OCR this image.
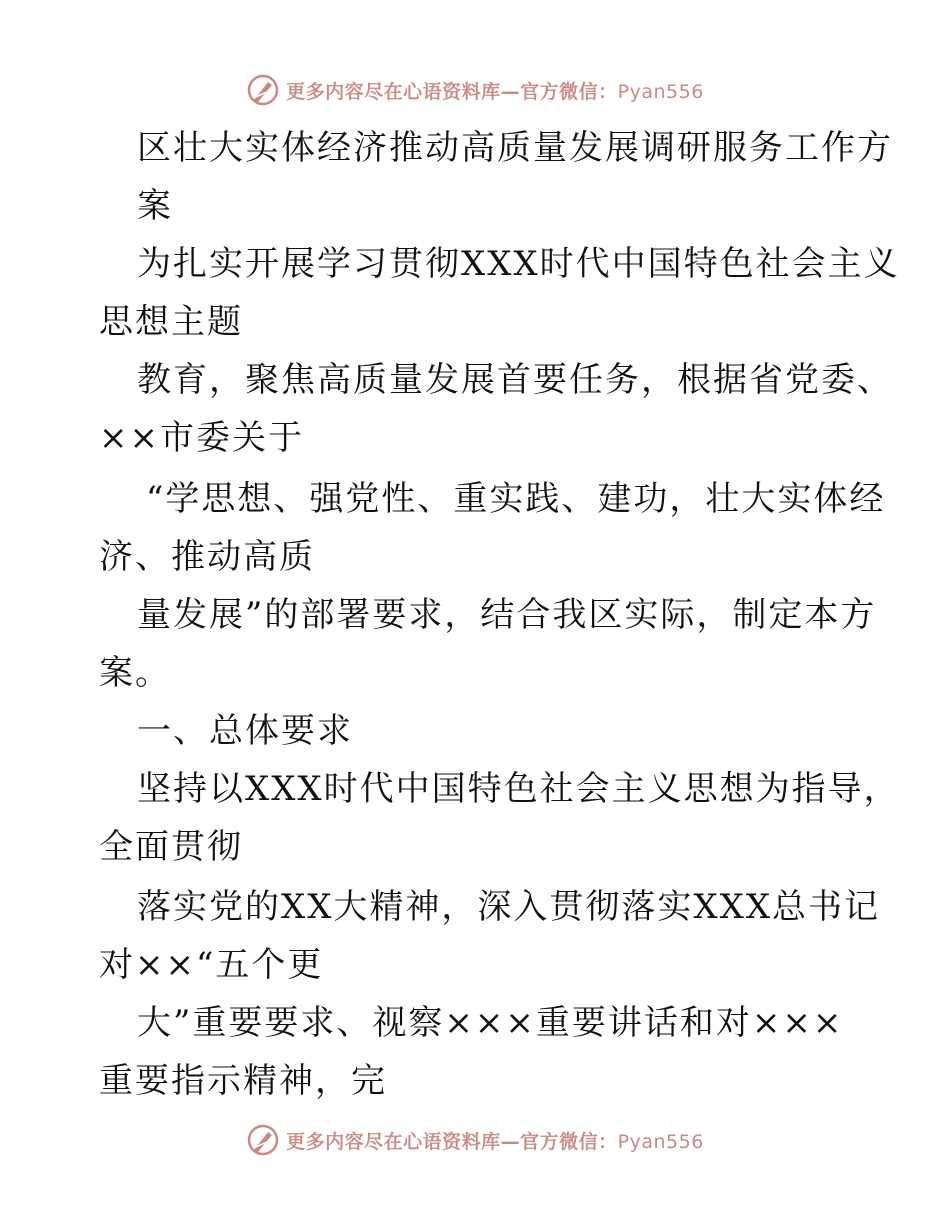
更多内容尽在心语资料库—官方微信：Pyan556
区壮大实体经济推动高质量发展调研服务工作方
案
为扎实开展学习贯彻XXX时代中国特色社会主义
思想主题
教育，聚焦高质量发展首要任务，根据省党委、
××市委关于
“学思想、强党性、重实践、建功，壮大实体经
济、推动高质
量发展”的部署要求，结合我区实际，制定本方
案。
一、总体要求
坚持以XXX时代中国特色社会主义思想为指导，
全面贯彻
落实党的XX大精神，深入贯彻落实XXX总书记
对××“五个更
大”重要要求、视察×××重要讲话和对×××
重要指示精神，完
更多内容尽在心语资料库—官方微信：Pyan556
